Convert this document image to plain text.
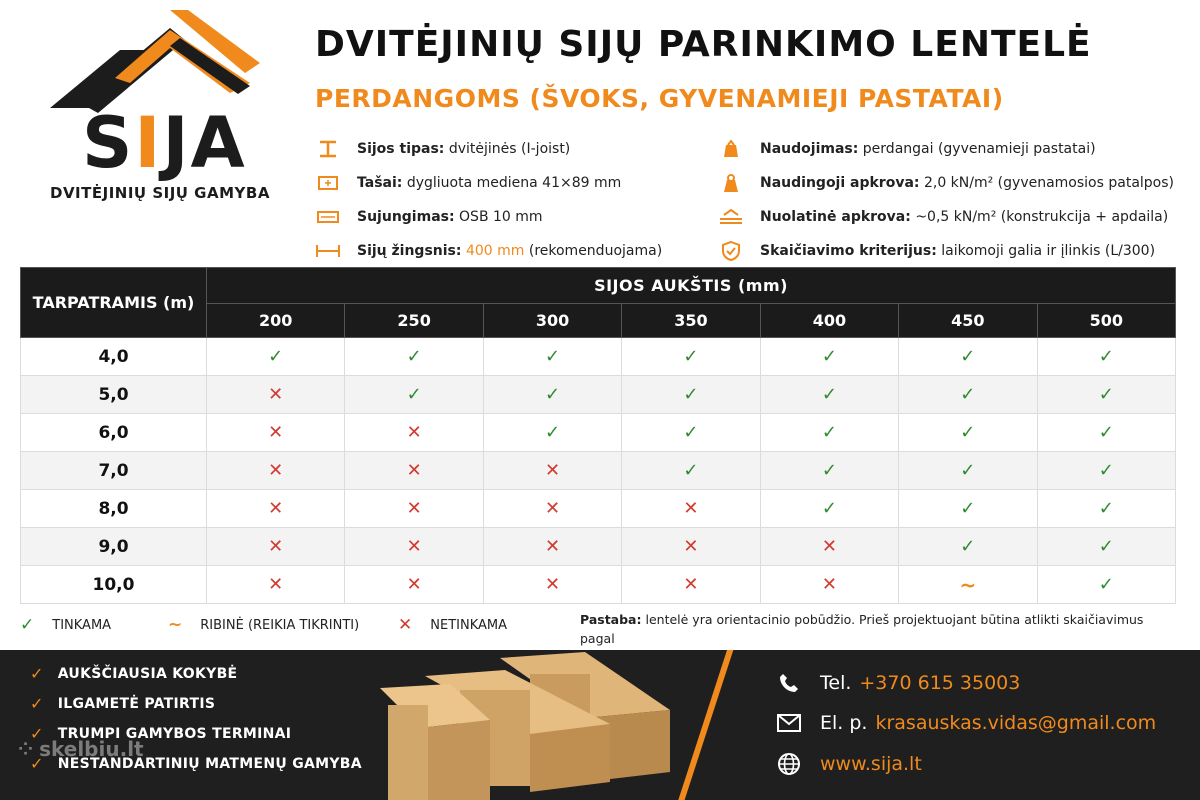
SIJA
DVITĖJINIŲ SIJŲ GAMYBA
DVITĖJINIŲ SIJŲ PARINKIMO LENTELĖ
PERDANGOMS (ŠVOKS, GYVENAMIEJI PASTATAI)
Sijos tipas: dvitėjinės (I-joist)
Tašai: dygliuota mediena 41×89 mm
Sujungimas: OSB 10 mm
Sijų žingsnis: 400 mm (rekomenduojama)
Naudojimas: perdangai (gyvenamieji pastatai)
Naudingoji apkrova: 2,0 kN/m² (gyvenamosios patalpos)
Nuolatinė apkrova: ~0,5 kN/m² (konstrukcija + apdaila)
Skaičiavimo kriterijus: laikomoji galia ir įlinkis (L/300)
TARPATRAMIS (m)	SIJOS AUKŠTIS (mm)						
	200	250	300	350	400	450	500
4,0	✓	✓	✓	✓	✓	✓	✓
5,0	✕	✓	✓	✓	✓	✓	✓
6,0	✕	✕	✓	✓	✓	✓	✓
7,0	✕	✕	✕	✓	✓	✓	✓
8,0	✕	✕	✕	✕	✓	✓	✓
9,0	✕	✕	✕	✕	✕	✓	✓
10,0	✕	✕	✕	✕	✕	~	✓
✓ TINKAMA	~ RIBINĖ (REIKIA TIKRINTI) ✕ NETINKAMA	Pastaba: lentelė yra orientacinio pobūdžio. Prieš projektuojant būtina atlikti skaičiavimus pagal

✓ AUKŠČIAUSIA KOKYBĖ
✓ ILGAMETĖ PATIRTIS
✓ TRUMPI GAMYBOS TERMINAI
✓ NESTANDARTINIŲ MATMENŲ GAMYBA
⁘ skelbiu.lt
Tel. +370 615 35003
El. p. krasauskas.vidas@gmail.com
www.sija.lt
